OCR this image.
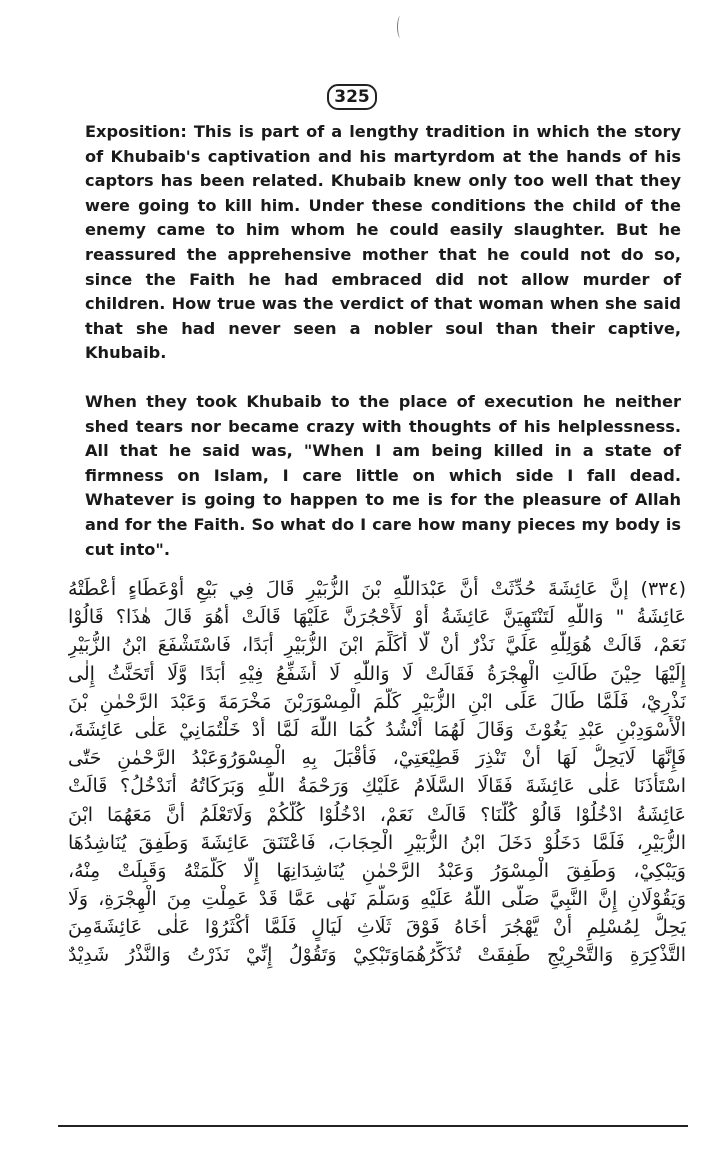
325

Exposition: This is part of a lengthy tradition in which the story of Khubaib's captivation and his martyrdom at the hands of his captors has been related. Khubaib knew only too well that they were going to kill him. Under these conditions the child of the enemy came to him whom he could easily slaughter. But he reassured the apprehensive mother that he could not do so, since the Faith he had embraced did not allow murder of children. How true was the verdict of that woman when she said that she had never seen a nobler soul than their captive, Khubaib.

When they took Khubaib to the place of execution he neither shed tears nor became crazy with thoughts of his helplessness. All that he said was, "When I am being killed in a state of firmness on Islam, I care little on which side I fall dead. Whatever is going to happen to me is for the pleasure of Allah and for the Faith. So what do I care how many pieces my body is cut into".

(٣٣٤) إنَّ عَائِشَةَ حُدِّثَتْ أَنَّ عَبْدَاللّٰهِ بْنَ الزُّبَيْرِ قَالَ فِي بَيْعٍ أَوْعَطَاءٍ أَعْطَتْهُ
عَائِشَةُ " وَاللّٰهِ لَتَنْتَهِيَنَّ عَائِشَةُ أَوْ لَأَحْجُرَنَّ عَلَيْهَا قَالَتْ أَهُوَ قَالَ هٰذَا؟ قَالُوْا
نَعَمْ، قَالَتْ هُوَلِلّٰهِ عَلَيَّ نَذْرٌ أَنْ لَّا أُكَلِّمَ ابْنَ الزُّبَيْرِ أَبَدًا، فَاسْتَشْفَعَ ابْنُ الزُّبَيْرِ
إِلَيْهَا حِيْنَ طَالَتِ الْهِجْرَةُ فَقَالَتْ لَا وَاللّٰهِ لَا أُشَفِّعُ فِيْهِ أَبَدًا وَّلَا أَتَحَنَّثُ إِلٰى
نَذْرِيْ، فَلَمَّا طَالَ عَلَى ابْنِ الزُّبَيْرِ كَلَّمَ الْمِسْوَرَبْنَ مَخْرَمَةَ وَعَبْدَ الرَّحْمٰنِ بْنَ
الْأَسْوَدِبْنِ عَبْدِ يَغُوْثَ وَقَالَ لَهُمَا أَنْشُدُ كُمَا اللّٰهَ لَمَّا أَدْ خَلْتُمَانِيْ عَلٰى عَائِشَةَ،
فَإِنَّهَا لَايَحِلُّ لَهَا أَنْ تَنْذِرَ قَطِيْعَتِيْ، فَأَقْبَلَ بِهِ الْمِسْوَرُوَعَبْدُ الرَّحْمٰنِ حَتّٰى
اسْتَأْذَنَا عَلٰى عَائِشَةَ فَقَالَا السَّلَامُ عَلَيْكِ وَرَحْمَةُ اللّٰهِ وَبَرَكَاتُهُ أَنَدْخُلُ؟ قَالَتْ
عَائِشَةُ ادْخُلُوْا قَالُوْ كُلُّنَا؟ قَالَتْ نَعَمْ، ادْخُلُوْا كُلُّكُمْ وَلَاتَعْلَمُ أَنَّ مَعَهُمَا ابْنَ
الزُّبَيْرِ، فَلَمَّا دَخَلُوْ دَخَلَ ابْنُ الزُّبَيْرِ الْحِجَابَ، فَاعْتَنَقَ عَائِشَةَ وَطَفِقَ يُنَاشِدُهَا
وَيَبْكِيْ، وَطَفِقَ الْمِسْوَرُ وَعَبْدُ الرَّحْمٰنِ يُنَاشِدَانِهَا إِلَّا كَلَّمَتْهُ وَقَبِلَتْ مِنْهُ،
وَيَقُوْلَانِ إِنَّ النَّبِيَّ صَلَّى اللّٰهُ عَلَيْهِ وَسَلَّمَ نَهٰى عَمَّا قَدْ عَمِلْتِ مِنَ الْهِجْرَةِ، وَلَا
يَحِلُّ لِمُسْلِمٍ أَنْ يَّهْجُرَ أَخَاهُ فَوْقَ ثَلَاثِ لَيَالٍ فَلَمَّا أَكْثَرُوْا عَلٰى عَائِشَةَمِنَ
التَّذْكِرَةِ وَالتَّحْرِيْجِ طَفِقَتْ تُذَكِّرُهُمَاوَتَبْكِيْ وَتَقُوْلُ إِنِّيْ نَذَرْتُ وَالنَّذْرُ شَدِيْدٌ
